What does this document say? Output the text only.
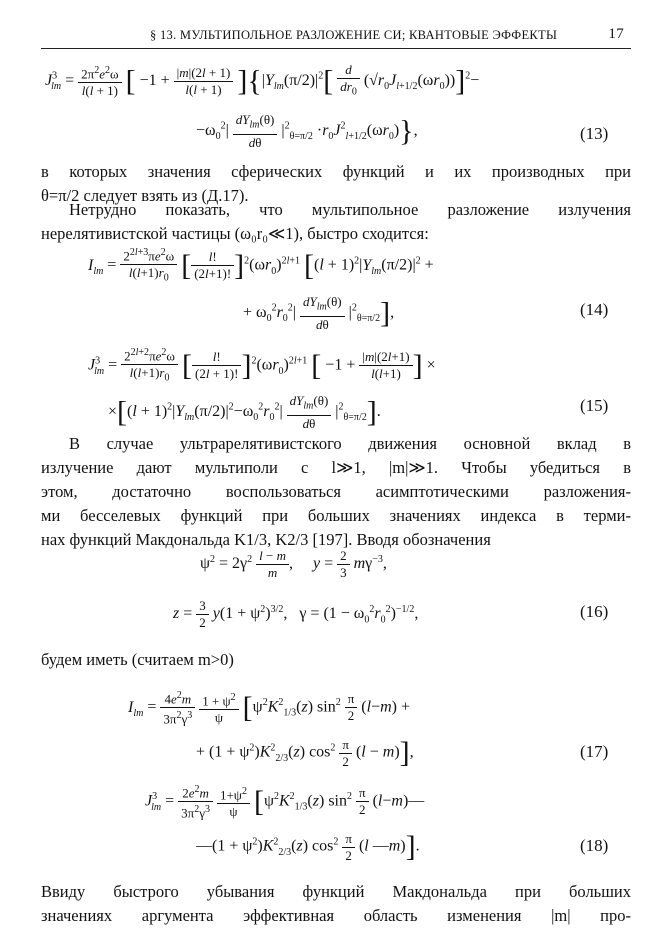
§ 13. МУЛЬТИПОЛЬНОЕ РАЗЛОЖЕНИЕ СИ; КВАНТОВЫЕ ЭФФЕКТЫ	17
$J^3_{lm} = \frac{2\pi^2e^2\omega}{l(l + 1)}$ [ $-1 + \frac{|m|(2l + 1)}{l(l + 1)} ]\{|Y_{lm}(\pi/2)|^2[ \frac{d}{dr_0} (√r_0J_{l+1/2}(\omega r_0))]^2-$
$-\omega_0^2| \frac{dY_{lm}(\theta)}{d\theta} |^2_{\theta=\pi/2} \cdot r_0J^2_{l+1/2}(\omega r_0)$},	(13)
в которых значения сферических функций и их производных при
θ=π/2 следует взять из (Д.17).
Нетрудно показать, что мультипольное разложение излучения
нерелятивистской частицы (ω₀r₀≪1), быстро сходится:
$I_{lm} = \frac{2^{2l+3}\pi e^2\omega}{l(l+1)r_0}$ [ $\frac{l!}{(2l+1)!} ]^2(\omega r_0)^{2l+1}$ [$(l + 1)^2|Y_{lm}(\pi/2)|^2$ +
+ $\omega_0^2r_0^2| \frac{dY_{lm}(\theta)}{d\theta} |^2_{\theta=\pi/2}$],	(14)
$J^3_{lm} = \frac{2^{2l+2}\pi e^2\omega}{l(l+1)r_0}$ [ $\frac{l!}{(2l + 1)!} ]^2(\omega r_0)^{2l+1}$ [ $-1 + \frac{|m|(2l+1)}{l(l+1)}$ ] ×
$\times[(l + 1)^2|Y_{lm}(\pi/2)|^2-\omega_0^2r_0^2| \frac{dY_{lm}(\theta)}{d\theta} |^2_{\theta=\pi/2}]$.	(15)
В случае ультрарелятивистского движения основной вклад в
излучение дают мультиполи с l≫1, |m|≫1. Чтобы убедиться в
этом, достаточно воспользоваться асимптотическими разложения-
ми бесселевых функций при больших значениях индекса в терми-
нах функций Макдональда K1/3, K2/3 [197]. Вводя обозначения
$\psi^2 = 2\gamma^2 \frac{l - m}{m}$ ,     $y = \frac{2}{3} m\gamma^{-3}$,
$z = \frac{3}{2} y(1 + \psi^2)^{3/2}$,   $\gamma = (1 - \omega_0^2r_0^2)^{-1/2}$,	(16)
будем иметь (считаем m>0)
$I_{lm} = \frac{4e^2m}{3\pi^2\gamma^3}$
$\frac{1 + \psi^2}{\psi} [\psi^2K^2_{1/3}(z)$ $\sin^2 \frac{\pi}{2} (l-m)$ +
+ $(1 + \psi^2)K^2_{2/3}(z)$ $\cos^2 \frac{\pi}{2} (l - m)$],	(17)
$J^3_{lm} = \frac{2e^2m}{3\pi^2\gamma^3}$
$\frac{1+\psi^2}{\psi} [\psi^2K^2_{1/3}(z)$ $\sin^2 \frac{\pi}{2}$ (l−m)—
—(1 + $\psi^2)K^2_{2/3}(z)$ $\cos^2 \frac{\pi}{2} (l$ —m)].	(18)
Ввиду быстрого убывания функций Макдональда при больших
значениях аргумента эффективная область изменения |m| про-
